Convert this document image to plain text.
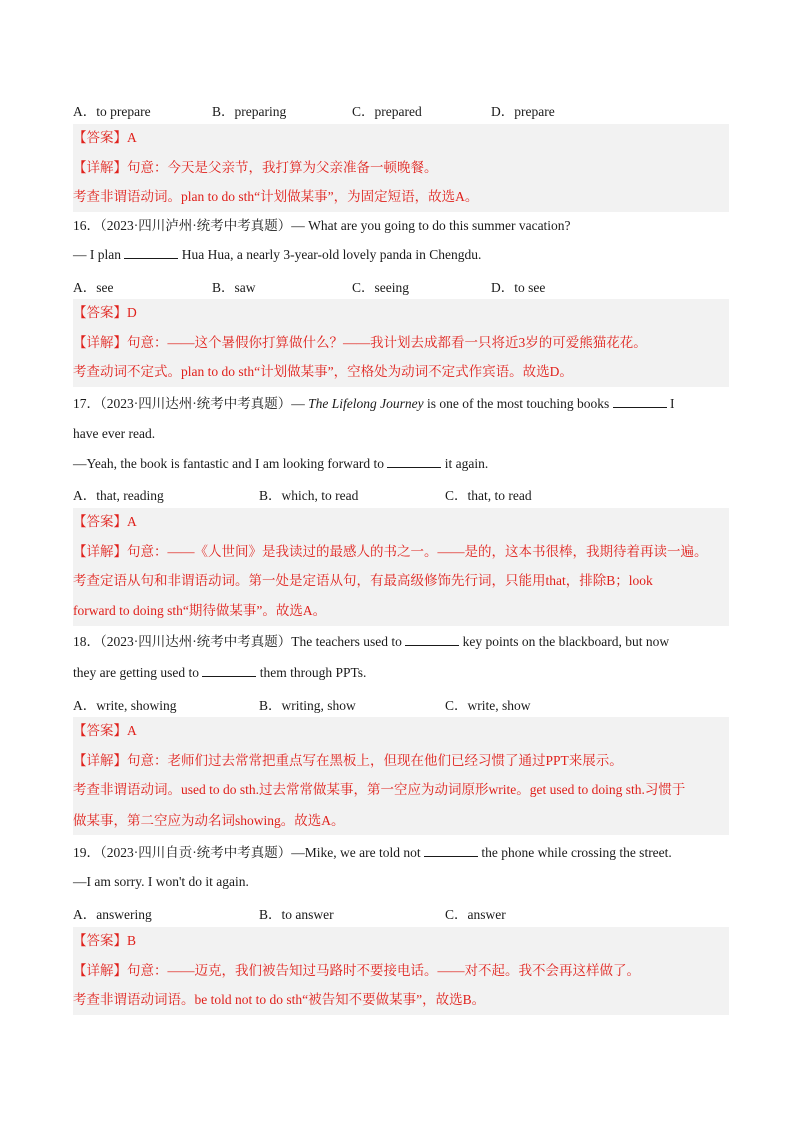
A．to prepare	B．preparing	C．prepared	D．prepare
【答案】A
【详解】句意：今天是父亲节，我打算为父亲准备一顿晚餐。
考查非谓语动词。plan to do sth“计划做某事”，为固定短语，故选A。
16．（2023·四川泸州·统考中考真题）— What are you going to do this summer vacation?
— I plan	Hua Hua, a nearly 3-year-old lovely panda in Chengdu.
A．see	B．saw	C．seeing	D．to see
【答案】D
【详解】句意：——这个暑假你打算做什么？——我计划去成都看一只将近3岁的可爱熊猫花花。
考查动词不定式。plan to do sth“计划做某事”，空格处为动词不定式作宾语。故选D。
17．（2023·四川达州·统考中考真题）— The Lifelong Journey is one of the most touching books	I
have ever read.
—Yeah, the book is fantastic and I am looking forward to	it again.
A．that, reading	B．which, to read	C．that, to read
【答案】A
【详解】句意：——《人世间》是我读过的最感人的书之一。——是的，这本书很棒，我期待着再读一遍。
考查定语从句和非谓语动词。第一处是定语从句，有最高级修饰先行词，只能用that，排除B；look
forward to doing sth“期待做某事”。故选A。
18．（2023·四川达州·统考中考真题）The teachers used to	key points on the blackboard, but now
they are getting used to	them through PPTs.
A．write, showing	B．writing, show	C．write, show
【答案】A
【详解】句意：老师们过去常常把重点写在黑板上，但现在他们已经习惯了通过PPT来展示。
考查非谓语动词。used to do sth.过去常常做某事，第一空应为动词原形write。get used to doing sth.习惯于
做某事，第二空应为动名词showing。故选A。
19．（2023·四川自贡·统考中考真题）—Mike, we are told not	the phone while crossing the street.
—I am sorry. I won't do it again.
A．answering	B．to answer	C．answer
【答案】B
【详解】句意：——迈克，我们被告知过马路时不要接电话。——对不起。我不会再这样做了。
考查非谓语动词语。be told not to do sth“被告知不要做某事”，故选B。
